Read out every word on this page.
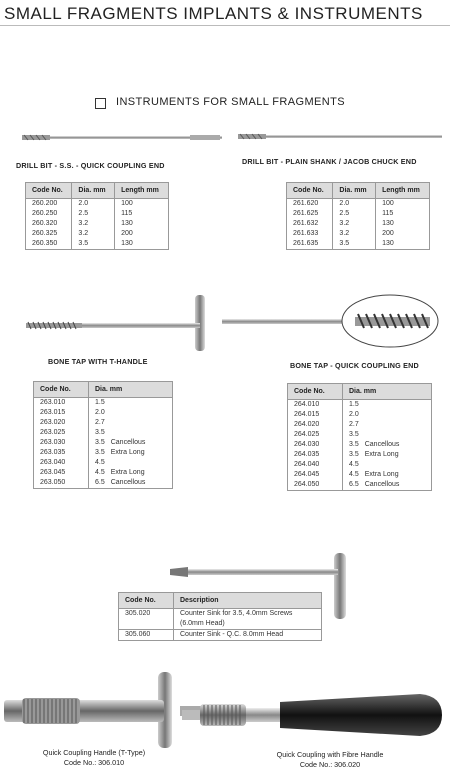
SMALL FRAGMENTS IMPLANTS & INSTRUMENTS
INSTRUMENTS FOR SMALL FRAGMENTS
DRILL BIT - S.S. - QUICK COUPLING END	DRILL BIT - PLAIN SHANK / JACOB CHUCK END
Code No.	Dia. mm	Length mm
260.200	2.0	100
260.250	2.5	115
260.320	3.2	130
260.325	3.2	200
260.350	3.5	130
Code No.	Dia. mm	Length mm
261.620	2.0	100
261.625	2.5	115
261.632	3.2	130
261.633	3.2	200
261.635	3.5	130
BONE TAP WITH T-HANDLE	BONE TAP - QUICK COUPLING END
Code No.	Dia. mm
263.010	1.5
263.015	2.0
263.020	2.7
263.025	3.5
263.030	3.5 Cancellous
263.035	3.5 Extra Long
263.040	4.5
263.045	4.5 Extra Long
263.050	6.5 Cancellous
Code No.	Dia. mm
264.010	1.5
264.015	2.0
264.020	2.7
264.025	3.5
264.030	3.5 Cancellous
264.035	3.5 Extra Long
264.040	4.5
264.045	4.5 Extra Long
264.050	6.5 Cancellous
Code No.	Description
305.020	Counter Sink for 3.5, 4.0mm Screws
	(6.0mm Head)
305.060	Counter Sink - Q.C. 8.0mm Head
Quick Coupling Handle (T-Type)
Code No.: 306.010
Quick Coupling with Fibre Handle
Code No.: 306.020
